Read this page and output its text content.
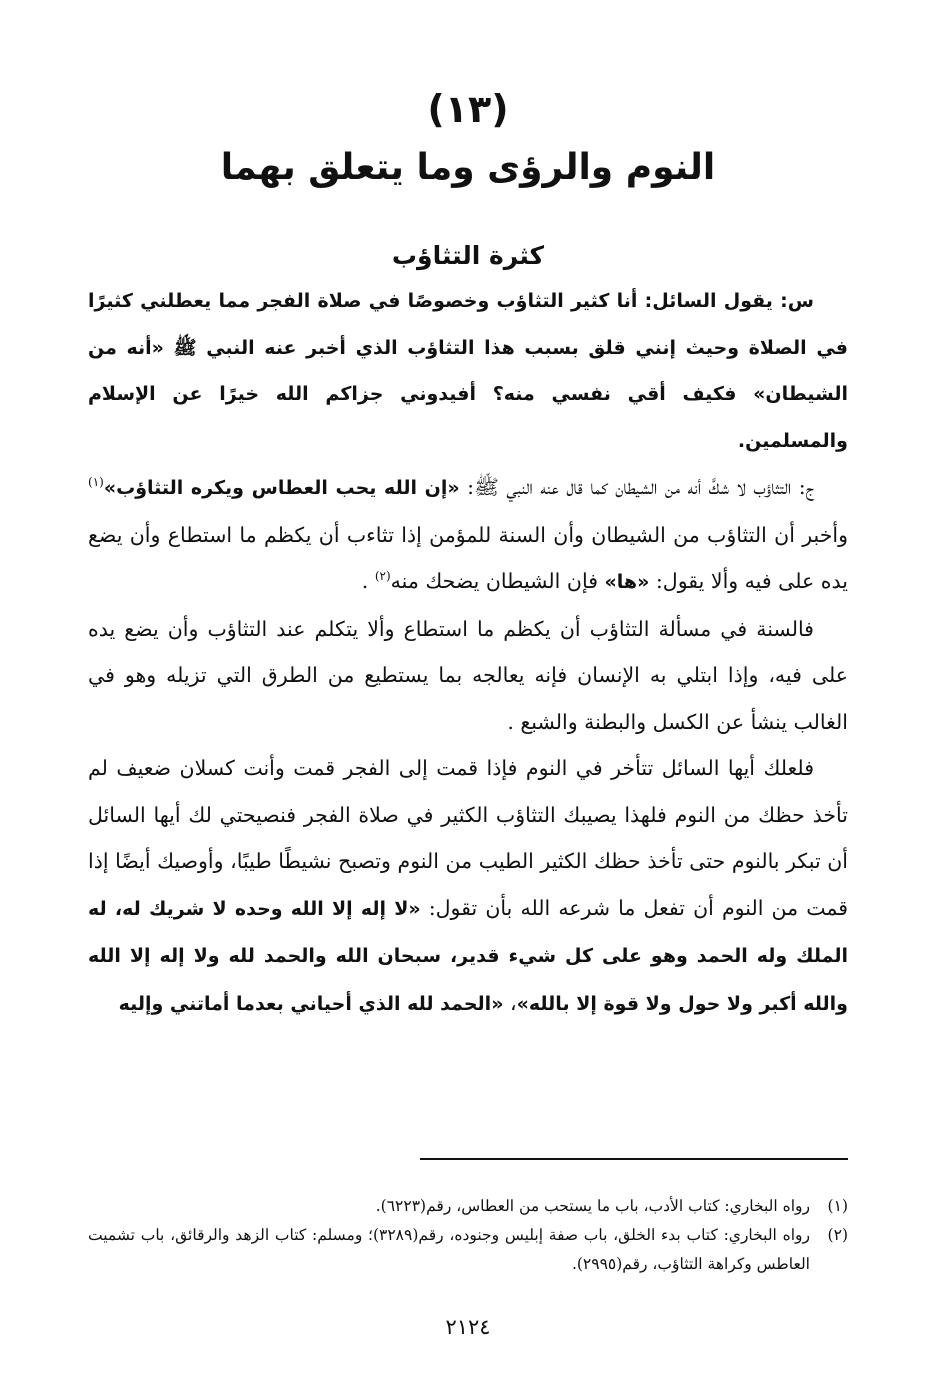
(١٣)
النوم والرؤى وما يتعلق بهما
كثرة التثاؤب

س: يقول السائل: أنا كثير التثاؤب وخصوصًا في صلاة الفجر مما يعطلني كثيرًا في الصلاة وحيث إنني قلق بسبب هذا التثاؤب الذي أخبر عنه النبي ﷺ «أنه من الشيطان» فكيف أقي نفسي منه؟ أفيدوني جزاكم الله خيرًا عن الإسلام والمسلمين.

ج: التثاؤب لا شكَّ أنه من الشيطان كما قال عنه النبي ﷺ: «إن الله يحب العطاس ويكره التثاؤب»$^{(١)}$ وأخبر أن التثاؤب من الشيطان وأن السنة للمؤمن إذا تثاءب أن يكظم ما استطاع وأن يضع يده على فيه وألا يقول: «ها» فإن الشيطان يضحك منه$^{(٢)}$ .

فالسنة في مسألة التثاؤب أن يكظم ما استطاع وألا يتكلم عند التثاؤب وأن يضع يده على فيه، وإذا ابتلي به الإنسان فإنه يعالجه بما يستطيع من الطرق التي تزيله وهو في الغالب ينشأ عن الكسل والبطنة والشبع .

فلعلك أيها السائل تتأخر في النوم فإذا قمت إلى الفجر قمت وأنت كسلان ضعيف لم تأخذ حظك من النوم فلهذا يصيبك التثاؤب الكثير في صلاة الفجر فنصيحتي لك أيها السائل أن تبكر بالنوم حتى تأخذ حظك الكثير الطيب من النوم وتصبح نشيطًا طيبًا، وأوصيك أيضًا إذا قمت من النوم أن تفعل ما شرعه الله بأن تقول: «لا إله إلا الله وحده لا شريك له، له الملك وله الحمد وهو على كل شيء قدير، سبحان الله والحمد لله ولا إله إلا الله والله أكبر ولا حول ولا قوة إلا بالله»، «الحمد لله الذي أحياني بعدما أماتني وإليه

(١)
رواه البخاري: كتاب الأدب، باب ما يستحب من العطاس، رقم(٦٢٢٣).
(٢)
رواه البخاري: كتاب بدء الخلق، باب صفة إبليس وجنوده، رقم(٣٢٨٩)؛ ومسلم: كتاب الزهد والرقائق، باب تشميت العاطس وكراهة التثاؤب، رقم(٢٩٩٥).
٢١٢٤
